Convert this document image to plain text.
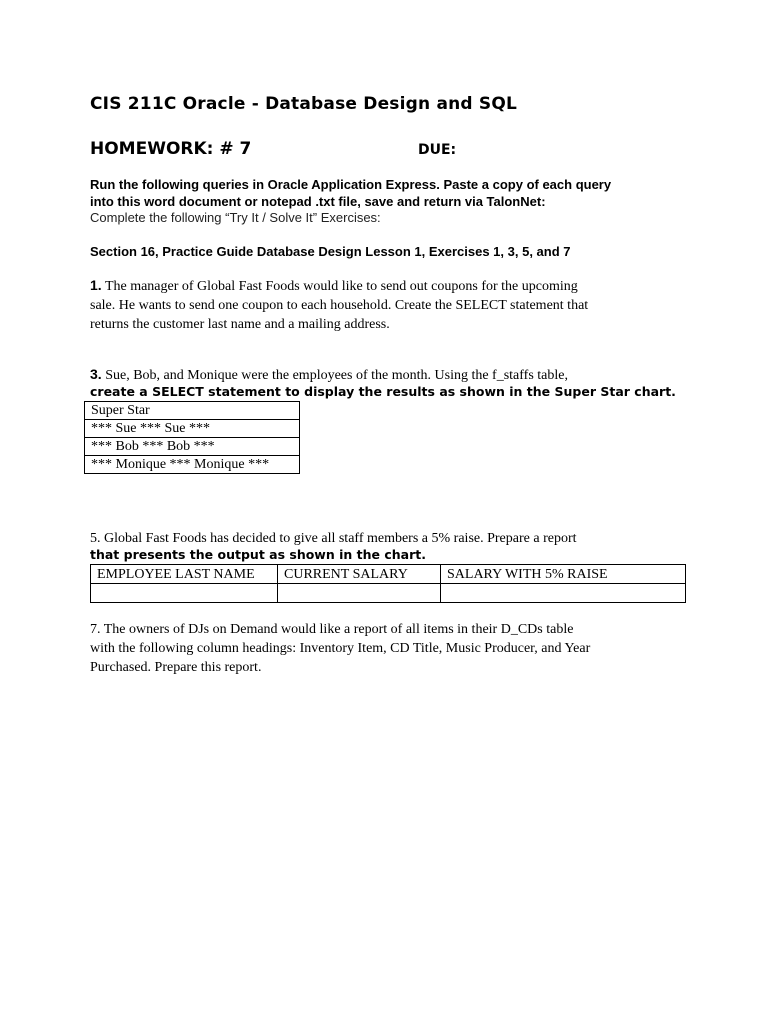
CIS 211C Oracle - Database Design and SQL
HOMEWORK: # 7	DUE:
Run the following queries in Oracle Application Express. Paste a copy of each query
into this word document or notepad .txt file, save and return via TalonNet:
Complete the following “Try It / Solve It” Exercises:
Section 16, Practice Guide Database Design Lesson 1, Exercises 1, 3, 5, and 7
1. The manager of Global Fast Foods would like to send out coupons for the upcoming
sale. He wants to send one coupon to each household. Create the SELECT statement that
returns the customer last name and a mailing address.
3. Sue, Bob, and Monique were the employees of the month. Using the f_staffs table,
create a SELECT statement to display the results as shown in the Super Star chart.
Super Star
*** Sue *** Sue ***
*** Bob *** Bob ***
*** Monique *** Monique ***
5. Global Fast Foods has decided to give all staff members a 5% raise. Prepare a report
that presents the output as shown in the chart.
EMPLOYEE LAST NAME	CURRENT SALARY	SALARY WITH 5% RAISE

7. The owners of DJs on Demand would like a report of all items in their D_CDs table
with the following column headings: Inventory Item, CD Title, Music Producer, and Year
Purchased. Prepare this report.
